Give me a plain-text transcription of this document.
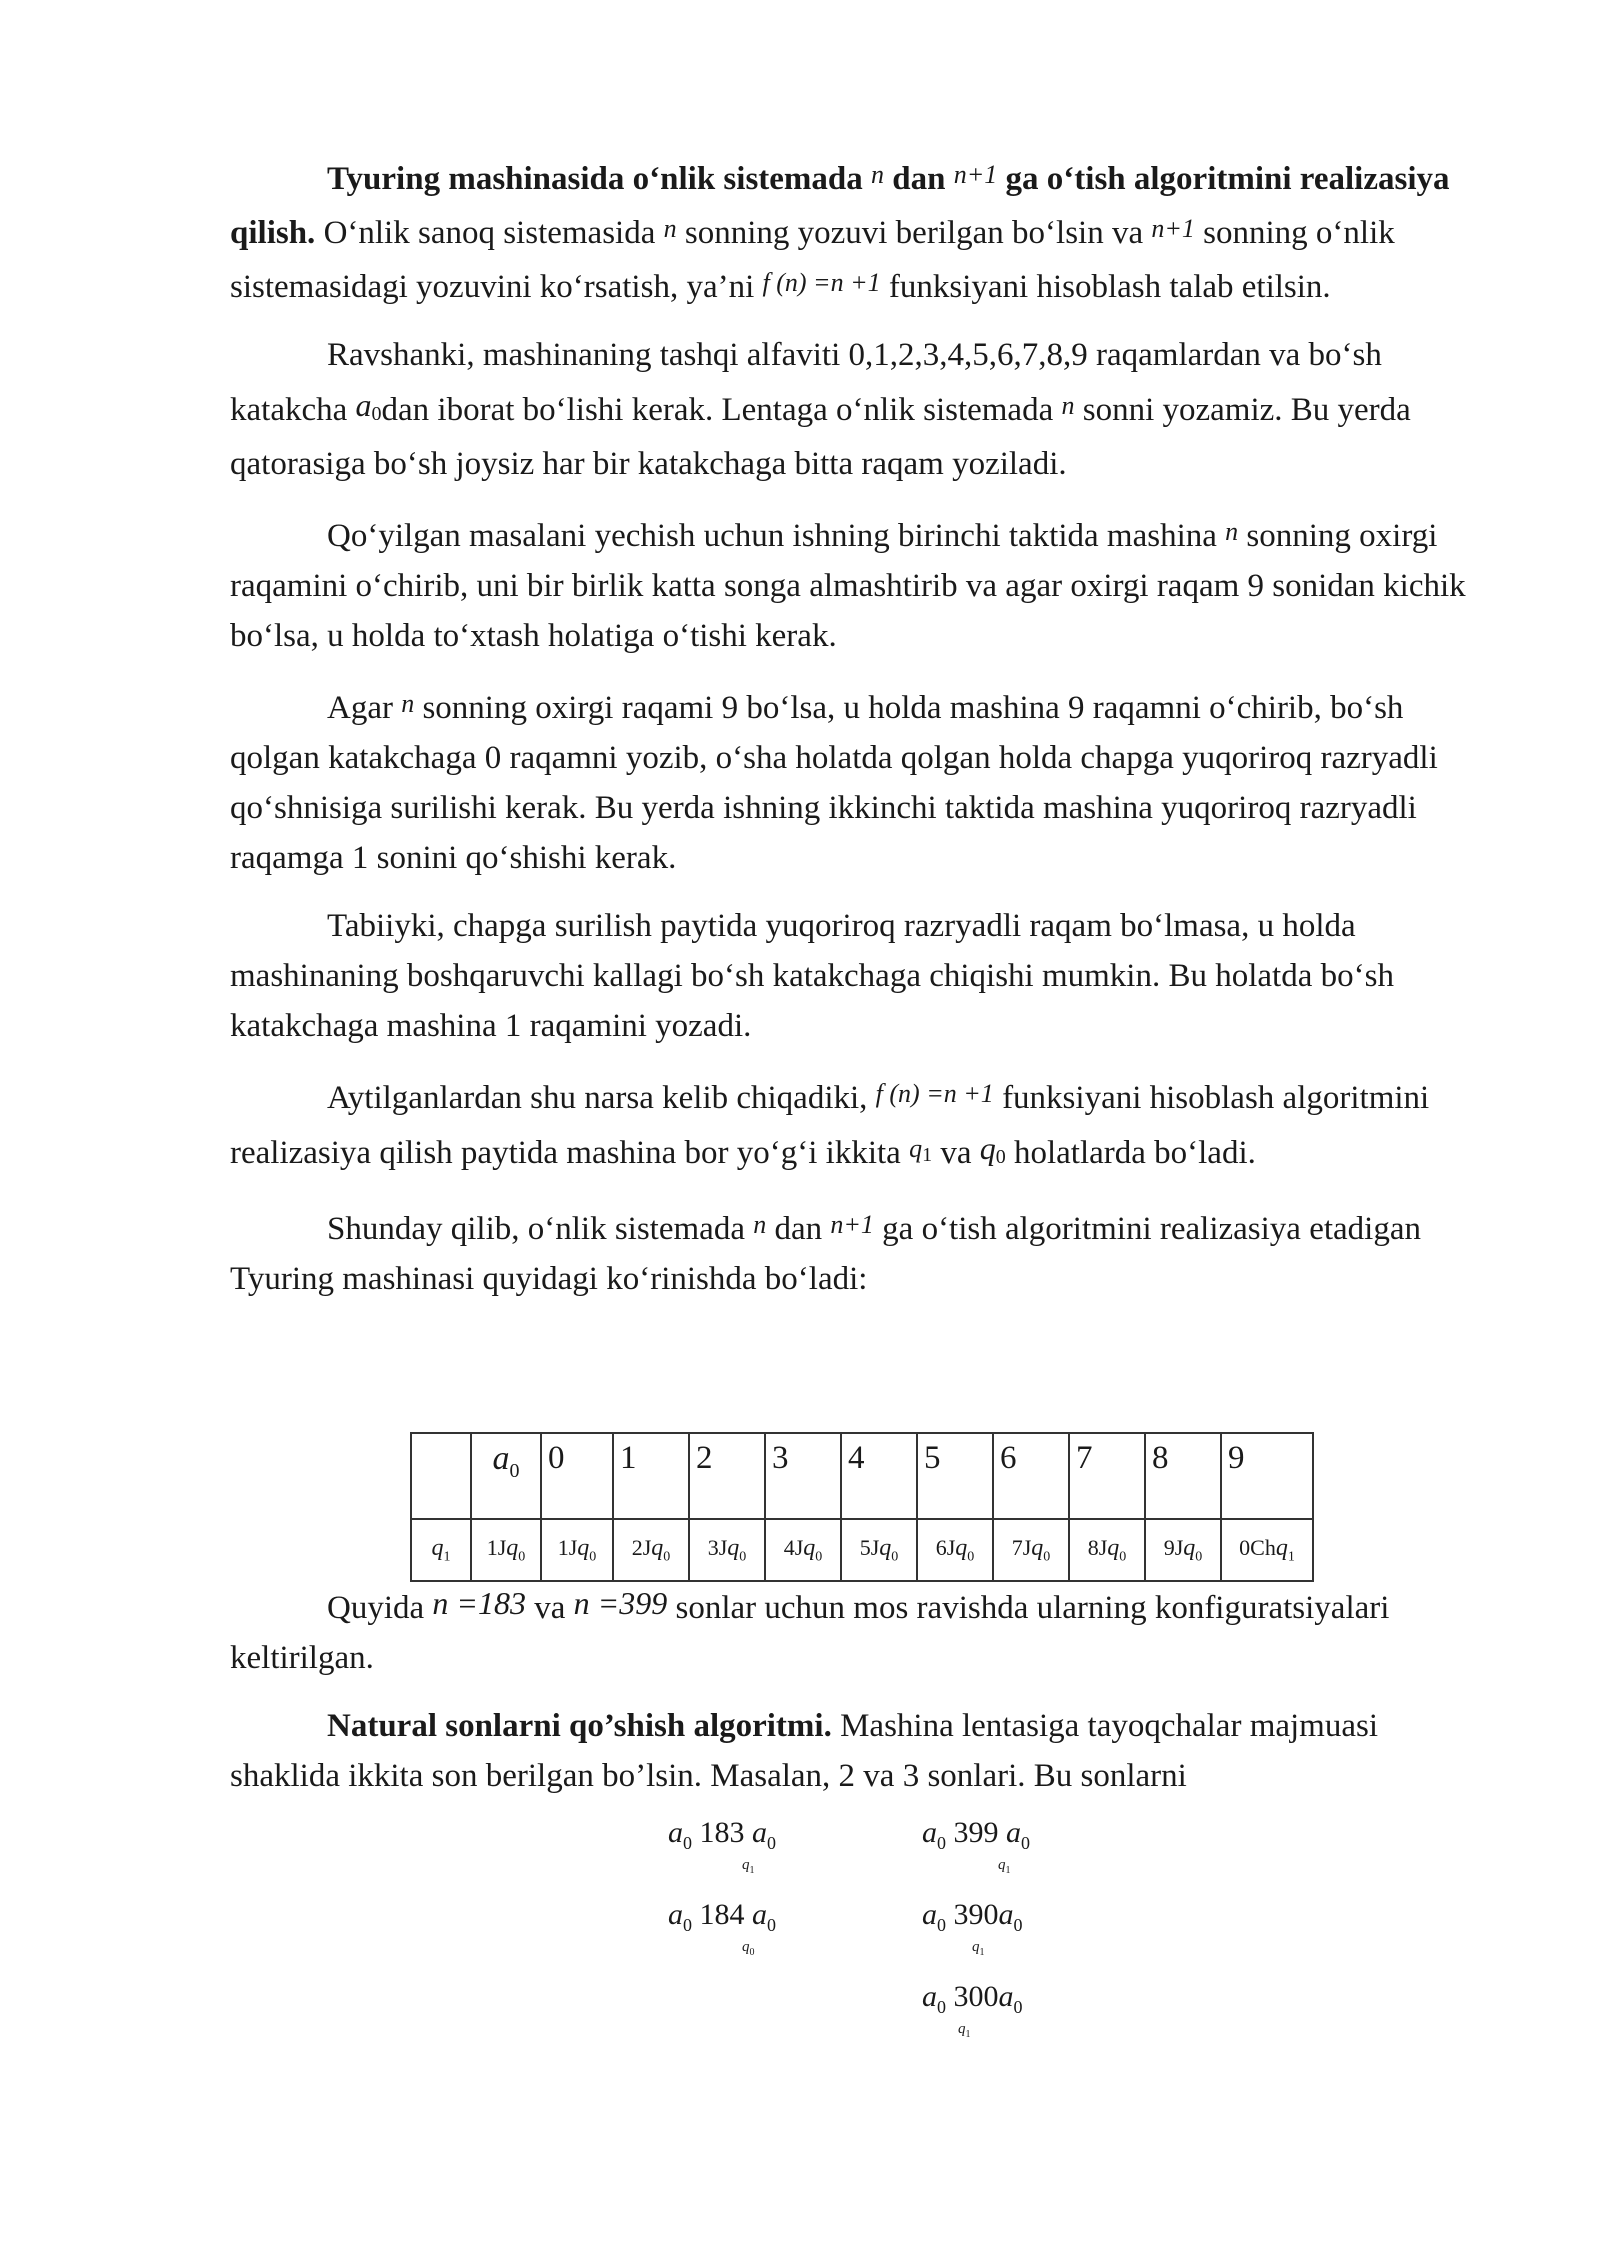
Tyuring mashinasida o‘nlik sistemada n dan n+1 ga o‘tish algoritmini realizasiya qilish. O‘nlik sanoq sistemasida n sonning yozuvi berilgan bo‘lsin va n+1 sonning o‘nlik sistemasidagi yozuvini ko‘rsatish, ya’ni f (n) =n +1 funksiyani hisoblash talab etilsin.

Ravshanki, mashinaning tashqi alfaviti 0,1,2,3,4,5,6,7,8,9 raqamlardan va bo‘sh katakcha $a_0dan$ iborat bo‘lishi kerak. Lentaga o‘nlik sistemada n sonni yozamiz. Bu yerda qatorasiga bo‘sh joysiz har bir katakchaga bitta raqam yoziladi.

Qo‘yilgan masalani yechish uchun ishning birinchi taktida mashina n sonning oxirgi raqamini o‘chirib, uni bir birlik katta songa almashtirib va agar oxirgi raqam 9 sonidan kichik bo‘lsa, u holda to‘xtash holatiga o‘tishi kerak.

Agar n sonning oxirgi raqami 9 bo‘lsa, u holda mashina 9 raqamni o‘chirib, bo‘sh qolgan katakchaga 0 raqamni yozib, o‘sha holatda qolgan holda chapga yuqoriroq razryadli qo‘shnisiga surilishi kerak. Bu yerda ishning ikkinchi taktida mashina yuqoriroq razryadli raqamga 1 sonini qo‘shishi kerak.

Tabiiyki, chapga surilish paytida yuqoriroq razryadli raqam bo‘lmasa, u holda mashinaning boshqaruvchi kallagi bo‘sh katakchaga chiqishi mumkin. Bu holatda bo‘sh katakchaga mashina 1 raqamini yozadi.

Aytilganlardan shu narsa kelib chiqadiki, f (n) =n +1 funksiyani hisoblash algoritmini realizasiya qilish paytida mashina bor yo‘g‘i ikkita $q_1$ va $q_0$ holatlarda bo‘ladi.

Shunday qilib, o‘nlik sistemada n dan n+1 ga o‘tish algoritmini realizasiya etadigan Tyuring mashinasi quyidagi ko‘rinishda bo‘ladi:

	$a_0$	0	1	2	3	4	5	6	7	8	9
$q_1$	$1Jq_0$	$1Jq_0$	$2Jq_0$	$3Jq_0$	$4Jq_0$	$5Jq_0$	$6Jq_0$	$7Jq_0$	$8Jq_0$	$9Jq_0$	0Chq$_1$

Quyida n =183 va n =399 sonlar uchun mos ravishda ularning konfiguratsiyalari keltirilgan.

Natural sonlarni qo’shish algoritmi. Mashina lentasiga tayoqchalar majmuasi shaklida ikkita son berilgan bo’lsin. Masalan, 2 va 3 sonlari. Bu sonlarni

$a_0$ 183 $a_0$
$q_1$
$a_0$ 184 $a_0$
$q_0$
$a_0$ 399 $a_0$
$q_1$
$a_0$ $390a_0$
$q_1$
$a_0$ $300a_0$
$q_1$
